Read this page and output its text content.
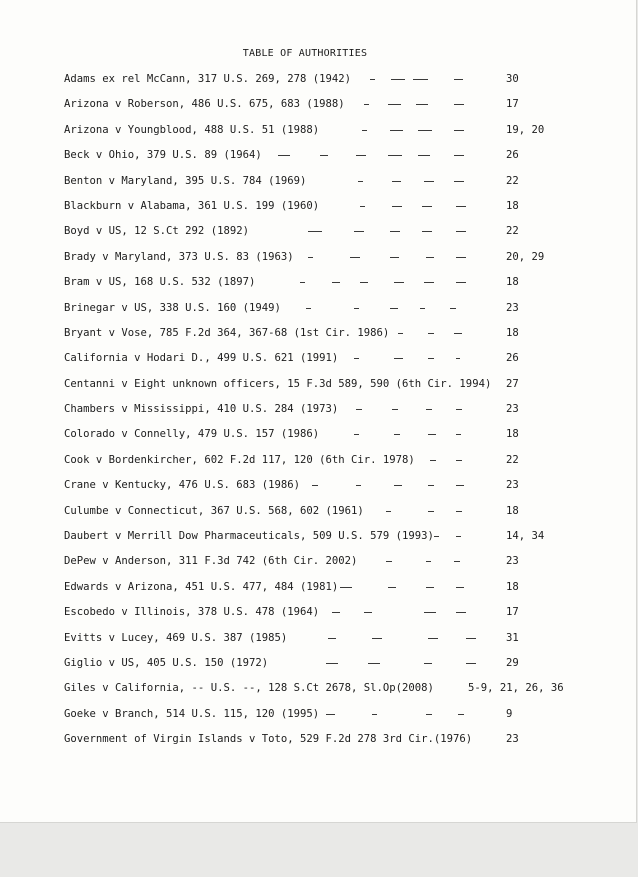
TABLE OF AUTHORITIES
Adams ex rel McCann, 317 U.S. 269, 278 (1942)	30
Arizona v Roberson, 486 U.S. 675, 683 (1988)	17
Arizona v Youngblood, 488 U.S. 51 (1988)	19, 20
Beck v Ohio, 379 U.S. 89 (1964)	26
Benton v Maryland, 395 U.S. 784 (1969)	22
Blackburn v Alabama, 361 U.S. 199 (1960)	18
Boyd v US, 12 S.Ct 292 (1892)	22
Brady v Maryland, 373 U.S. 83 (1963)	20, 29
Bram v US, 168 U.S. 532 (1897)	18
Brinegar v US, 338 U.S. 160 (1949)	23
Bryant v Vose, 785 F.2d 364, 367-68 (1st Cir. 1986)	18
California v Hodari D., 499 U.S. 621 (1991)	26
Centanni v Eight unknown officers, 15 F.3d 589, 590 (6th Cir. 1994) 27
Chambers v Mississippi, 410 U.S. 284 (1973)	23
Colorado v Connelly, 479 U.S. 157 (1986)	18
Cook v Bordenkircher, 602 F.2d 117, 120 (6th Cir. 1978)	22
Crane v Kentucky, 476 U.S. 683 (1986)	23
Culumbe v Connecticut, 367 U.S. 568, 602 (1961)	18
Daubert v Merrill Dow Pharmaceuticals, 509 U.S. 579 (1993)	14, 34
DePew v Anderson, 311 F.3d 742 (6th Cir. 2002)	23
Edwards v Arizona, 451 U.S. 477, 484 (1981)	18
Escobedo v Illinois, 378 U.S. 478 (1964)	17
Evitts v Lucey, 469 U.S. 387 (1985)	31
Giglio v US, 405 U.S. 150 (1972)	29
Giles v California, -- U.S. --, 128 S.Ct 2678, Sl.Op(2008)	5-9, 21, 26, 36
Goeke v Branch, 514 U.S. 115, 120 (1995)	9
Government of Virgin Islands v Toto, 529 F.2d 278 3rd Cir.(1976)	23
